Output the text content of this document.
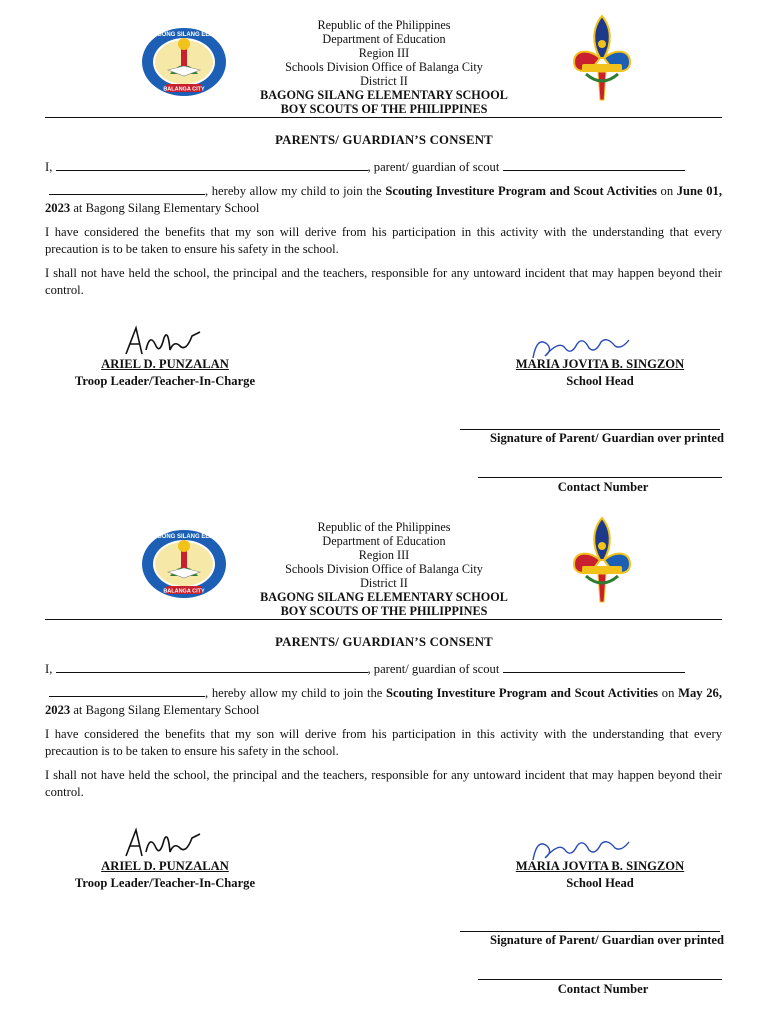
BAGONG SILANG ELEM.
BALANGA CITY
Republic of the Philippines
Department of Education
Region III
Schools Division Office of Balanga City
District II
BAGONG SILANG ELEMENTARY SCHOOL
BOY SCOUTS OF THE PHILIPPINES
PARENTS/ GUARDIAN’S CONSENT
I,	, parent/ guardian of scout
, hereby allow my child to join the Scouting Investiture Program and Scout Activities on June 01, 2023 at Bagong Silang Elementary School
I have considered the benefits that my son will derive from his participation in this activity with the understanding that every precaution is to be taken to ensure his safety in the school.
I shall not have held the school, the principal and the teachers, responsible for any untoward incident that may happen beyond their control.
ARIEL D. PUNZALAN
Troop Leader/Teacher-In-Charge
MARIA JOVITA B. SINGZON
School Head
Signature of Parent/ Guardian over printed
Contact Number
BAGONG SILANG ELEM.
BALANGA CITY
Republic of the Philippines
Department of Education
Region III
Schools Division Office of Balanga City
District II
BAGONG SILANG ELEMENTARY SCHOOL
BOY SCOUTS OF THE PHILIPPINES
PARENTS/ GUARDIAN’S CONSENT
I,	, parent/ guardian of scout
, hereby allow my child to join the Scouting Investiture Program and Scout Activities on May 26, 2023 at Bagong Silang Elementary School
I have considered the benefits that my son will derive from his participation in this activity with the understanding that every precaution is to be taken to ensure his safety in the school.
I shall not have held the school, the principal and the teachers, responsible for any untoward incident that may happen beyond their control.
ARIEL D. PUNZALAN
Troop Leader/Teacher-In-Charge
MARIA JOVITA B. SINGZON
School Head
Signature of Parent/ Guardian over printed
Contact Number
